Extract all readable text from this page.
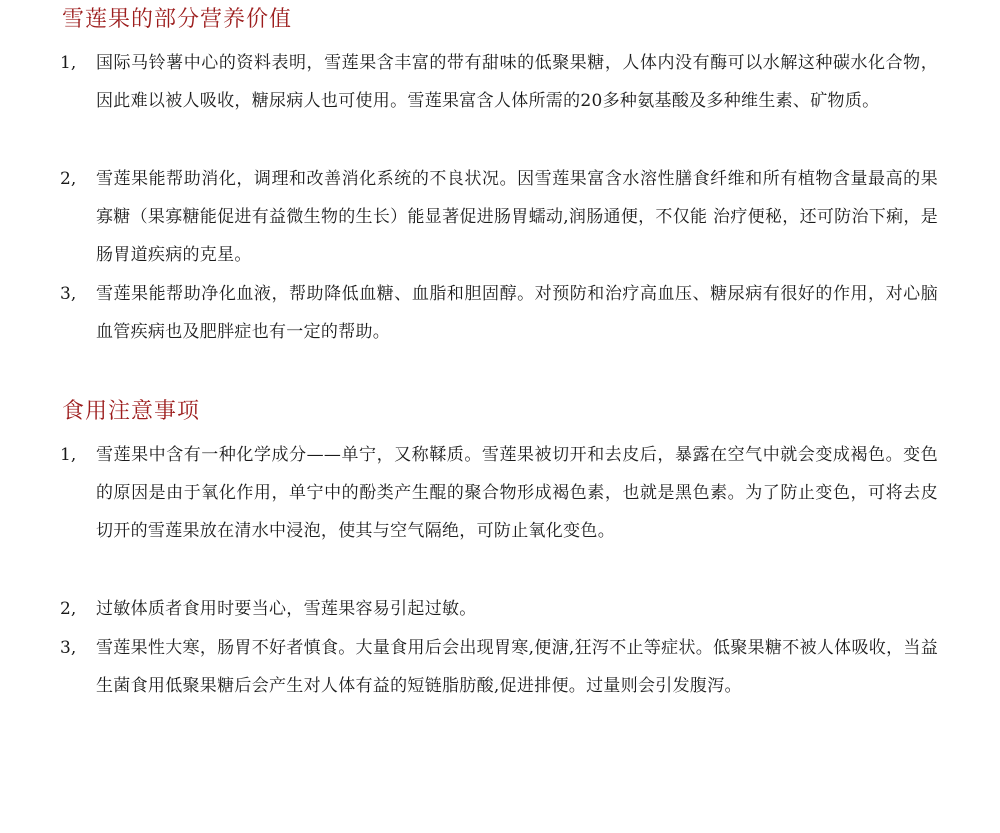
雪莲果的部分营养价值
1, 国际马铃薯中心的资料表明，雪莲果含丰富的带有甜味的低聚果糖，人体内没有酶可以水解这种碳水化合物，因此难以被人吸收，糖尿病人也可使用。雪莲果富含人体所需的20多种氨基酸及多种维生素、矿物质。
2, 雪莲果能帮助消化，调理和改善消化系统的不良状况。因雪莲果富含水溶性膳食纤维和所有植物含量最高的果寡糖（果寡糖能促进有益微生物的生长）能显著促进肠胃蠕动,润肠通便，不仅能 治疗便秘，还可防治下痢，是肠胃道疾病的克星。
3, 雪莲果能帮助净化血液，帮助降低血糖、血脂和胆固醇。对预防和治疗高血压、糖尿病有很好的作用，对心脑血管疾病也及肥胖症也有一定的帮助。
食用注意事项
1, 雪莲果中含有一种化学成分——单宁，又称鞣质。雪莲果被切开和去皮后，暴露在空气中就会变成褐色。变色的原因是由于氧化作用，单宁中的酚类产生醌的聚合物形成褐色素，也就是黑色素。为了防止变色，可将去皮切开的雪莲果放在清水中浸泡，使其与空气隔绝，可防止氧化变色。
2, 过敏体质者食用时要当心，雪莲果容易引起过敏。
3, 雪莲果性大寒，肠胃不好者慎食。大量食用后会出现胃寒,便溏,狂泻不止等症状。低聚果糖不被人体吸收，当益生菌食用低聚果糖后会产生对人体有益的短链脂肪酸,促进排便。过量则会引发腹泻。
